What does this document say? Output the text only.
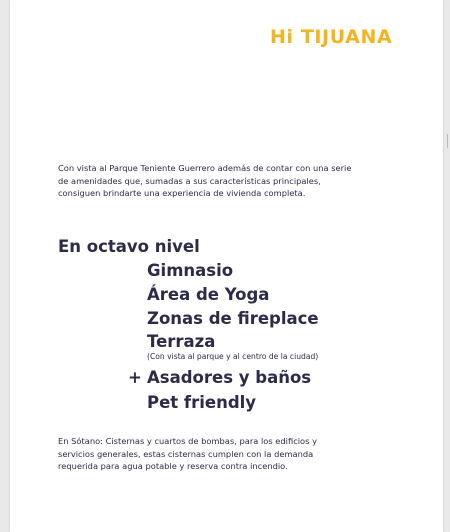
Hi TIJUANA
Con vista al Parque Teniente Guerrero además de contar con una serie de amenidades que, sumadas a sus características principales, consiguen brindarte una experiencia de vivienda completa.
En octavo nivel
Gimnasio
Área de Yoga
Zonas de fireplace
Terraza
(Con vista al parque y al centro de la ciudad)
+ Asadores y baños
Pet friendly
En Sótano: Cisternas y cuartos de bombas, para los edificios y servicios generales, estas cisternas cumplen con la demanda requerida para agua potable y reserva contra incendio.
